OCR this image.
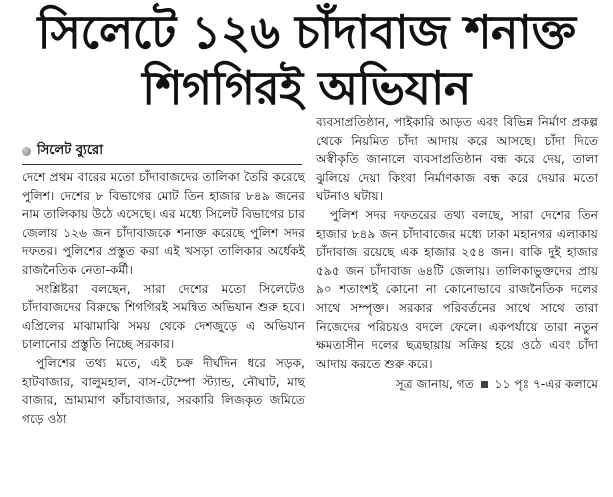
সিলেটে ১২৬ চাঁদাবাজ শনাক্ত
শিগগিরই অভিযান
সিলেট ব্যুরো

দেশে প্রথম বারের মতো চাঁদাবাজদের তালিকা তৈরি করেছে পুলিশ। দেশের ৮ বিভাগের মোট তিন হাজার ৮৪৯ জনের নাম তালিকায় উঠে এসেছে। এর মধ্যে সিলেট বিভাগের চার জেলায় ১২৬ জন চাঁদাবাজকে শনাক্ত করেছে পুলিশ সদর দফতর। পুলিশের প্রস্তুত করা এই খসড়া তালিকার অর্ধেকই রাজনৈতিক নেতা-কর্মী।

সংশ্লিষ্টরা বলছেন, সারা দেশের মতো সিলেটেও চাঁদাবাজদের বিরুদ্ধে শিগগিরই সমন্বিত অভিযান শুরু হবে। এপ্রিলের মাঝামাঝি সময় থেকে দেশজুড়ে এ অভিযান চালানোর প্রস্তুতি নিচ্ছে সরকার।

পুলিশের তথ্য মতে, এই চক্র দীর্ঘদিন ধরে সড়ক, হাটবাজার, বালুমহাল, বাস-টেম্পো স্ট্যান্ড, নৌঘাট, মাছ বাজার, ভ্রাম্যমাণ কাঁচাবাজার, সরকারি লিজকৃত জমিতে গড়ে ওঠা

ব্যবসাপ্রতিষ্ঠান, পাইকারি আড়ত এবং বিভিন্ন নির্মাণ প্রকল্প থেকে নিয়মিত চাঁদা আদায় করে আসছে। চাঁদা দিতে অস্বীকৃতি জানালে ব্যবসাপ্রতিষ্ঠান বন্ধ করে দেয়, তালা ঝুলিয়ে দেয়া কিংবা নির্মাণকাজ বন্ধ করে দেয়ার মতো ঘটনাও ঘটায়।

পুলিশ সদর দফতরের তথ্য বলছে, সারা দেশের তিন হাজার ৮৪৯ জন চাঁদাবাজের মধ্যে ঢাকা মহানগর এলাকায় চাঁদাবাজ রয়েছে এক হাজার ২৫৪ জন। বাকি দুই হাজার ৫৯৫ জন চাঁদাবাজ ৬৪টি জেলায়। তালিকাভুক্তদের প্রায় ৯০ শতাংশই কোনো না কোনোভাবে রাজনৈতিক দলের সাথে সম্পৃক্ত। সরকার পরিবর্তনের সাথে সাথে তারা নিজেদের পরিচয়ও বদলে ফেলে। একপর্যায়ে তারা নতুন ক্ষমতাসীন দলের ছত্রছায়ায় সক্রিয় হয়ে ওঠে এবং চাঁদা আদায় করতে শুরু করে।

সূত্র জানায়, গত ১১ পৃঃ ৭-এর কলামে
